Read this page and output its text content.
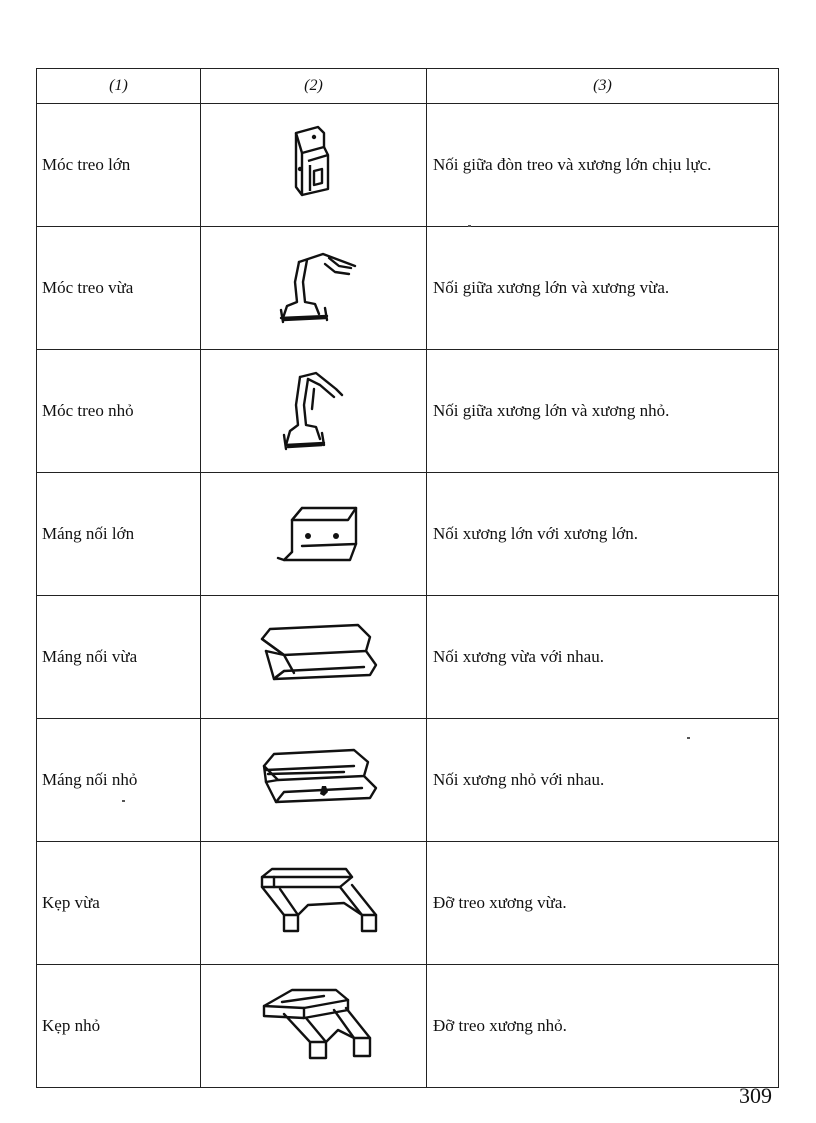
(1)	(2)	(3)
Móc treo lớn		Nối giữa đòn treo và xương lớn chịu lực.
Móc treo vừa		Nối giữa xương lớn và xương vừa.
Móc treo nhỏ		Nối giữa xương lớn và xương nhỏ.
Máng nối lớn		Nối xương lớn với xương lớn.
Máng nối vừa		Nối xương vừa với nhau.
Máng nối nhỏ		Nối xương nhỏ với nhau.
Kẹp vừa		Đỡ treo xương vừa.
Kẹp nhỏ		Đỡ treo xương nhỏ.
309
